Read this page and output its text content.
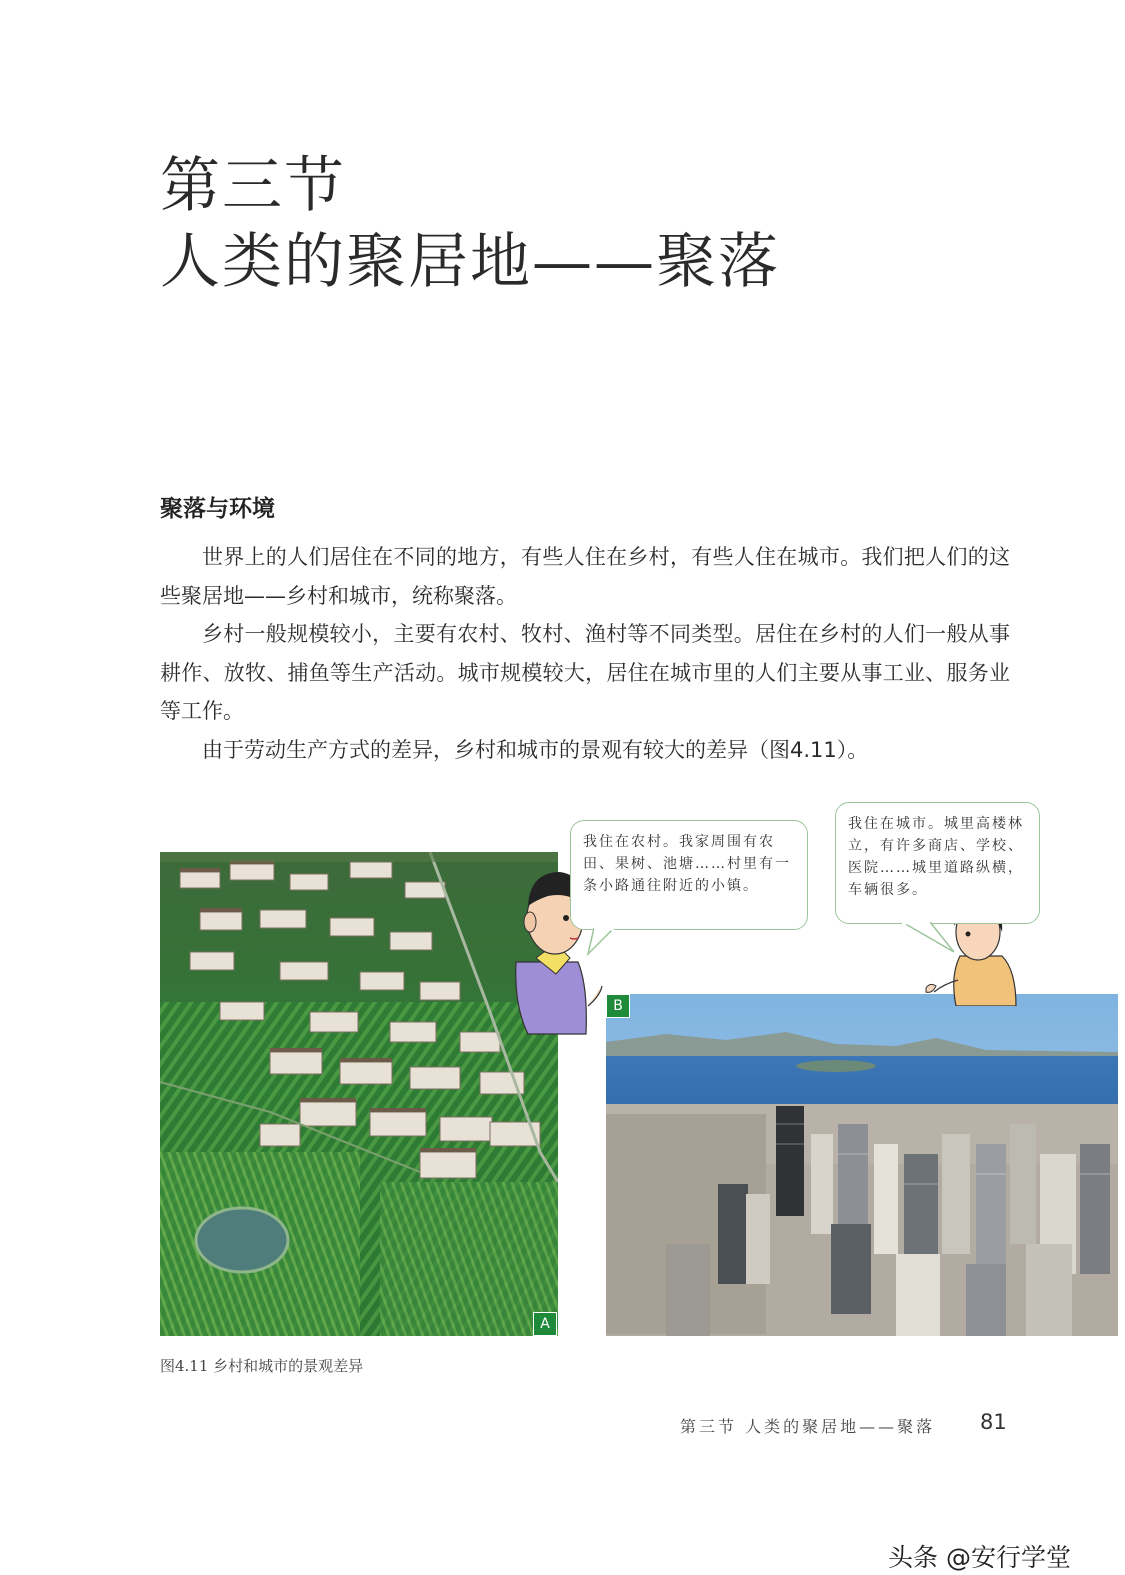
第三节
人类的聚居地——聚落
聚落与环境

世界上的人们居住在不同的地方，有些人住在乡村，有些人住在城市。我们把人们的这些聚居地——乡村和城市，统称聚落。

乡村一般规模较小，主要有农村、牧村、渔村等不同类型。居住在乡村的人们一般从事耕作、放牧、捕鱼等生产活动。城市规模较大，居住在城市里的人们主要从事工业、服务业等工作。

由于劳动生产方式的差异，乡村和城市的景观有较大的差异（图4.11）。

A
B
我住在农村。我家周围有农田、果树、池塘……村里有一条小路通往附近的小镇。
我住在城市。城里高楼林立，有许多商店、学校、医院……城里道路纵横，车辆很多。
图4.11 乡村和城市的景观差异
第三节 人类的聚居地——聚落 81
头条 @安行学堂
